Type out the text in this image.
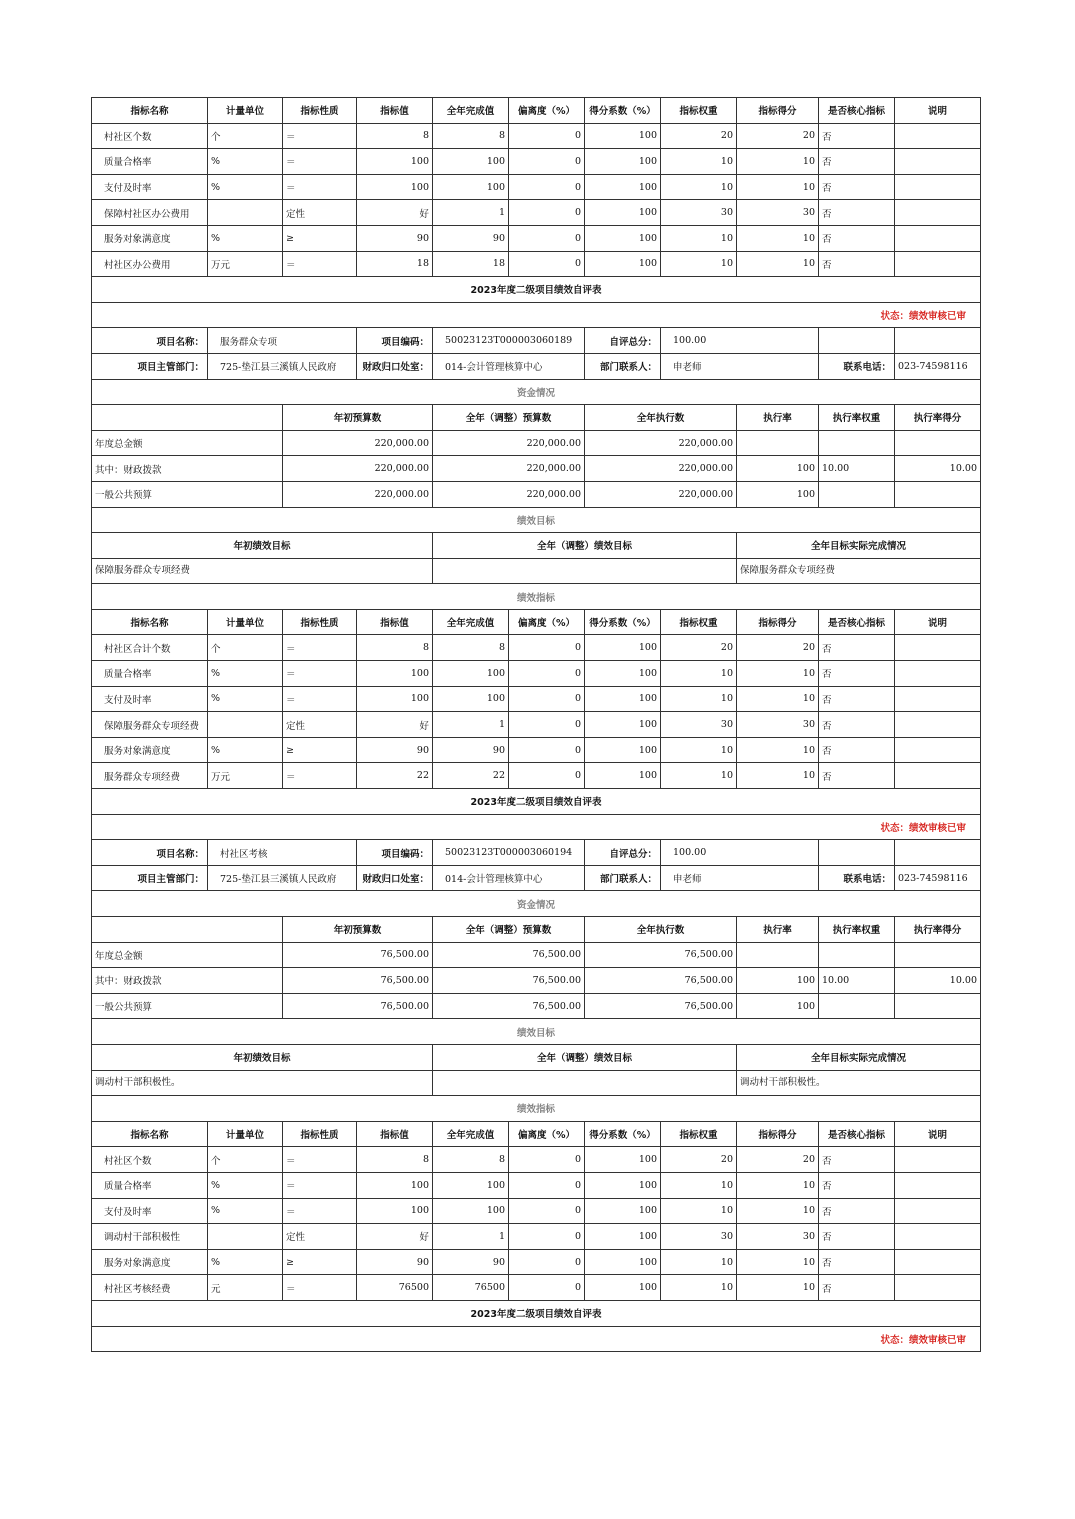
指标名称	计量单位	指标性质	指标值	全年完成值	偏离度（%）	得分系数（%）	指标权重	指标得分	是否核心指标	说明
村社区个数	个	＝	8	8	0	100	20	20	否	
质量合格率	%	＝	100	100	0	100	10	10	否	
支付及时率	%	＝	100	100	0	100	10	10	否	
保障村社区办公费用		定性	好	1	0	100	30	30	否	
服务对象满意度	%	≥	90	90	0	100	10	10	否	
村社区办公费用	万元	＝	18	18	0	100	10	10	否	
2023年度二级项目绩效自评表										
状态：绩效审核已审										
项目名称：	服务群众专项		项目编码：	50023123T000003060189		自评总分：	100.00			
项目主管部门：	725-垫江县三溪镇人民政府		财政归口处室：	014-会计管理核算中心		部门联系人：	申老师		联系电话：	023-74598116
资金情况										
		年初预算数		全年（调整）预算数		全年执行数		执行率	执行率权重	执行率得分
年度总金额		220,000.00		220,000.00		220,000.00				
其中：财政拨款		220,000.00		220,000.00		220,000.00		100	10.00	10.00
一般公共预算		220,000.00		220,000.00		220,000.00		100		
绩效目标										
年初绩效目标				全年（调整）绩效目标				全年目标实际完成情况		
保障服务群众专项经费								保障服务群众专项经费		
绩效指标										
指标名称	计量单位	指标性质	指标值	全年完成值	偏离度（%）	得分系数（%）	指标权重	指标得分	是否核心指标	说明
村社区合计个数	个	＝	8	8	0	100	20	20	否	
质量合格率	%	＝	100	100	0	100	10	10	否	
支付及时率	%	＝	100	100	0	100	10	10	否	
保障服务群众专项经费		定性	好	1	0	100	30	30	否	
服务对象满意度	%	≥	90	90	0	100	10	10	否	
服务群众专项经费	万元	＝	22	22	0	100	10	10	否	
2023年度二级项目绩效自评表										
状态：绩效审核已审										
项目名称：	村社区考核		项目编码：	50023123T000003060194		自评总分：	100.00			
项目主管部门：	725-垫江县三溪镇人民政府		财政归口处室：	014-会计管理核算中心		部门联系人：	申老师		联系电话：	023-74598116
资金情况										
		年初预算数		全年（调整）预算数		全年执行数		执行率	执行率权重	执行率得分
年度总金额		76,500.00		76,500.00		76,500.00				
其中：财政拨款		76,500.00		76,500.00		76,500.00		100	10.00	10.00
一般公共预算		76,500.00		76,500.00		76,500.00		100		
绩效目标										
年初绩效目标				全年（调整）绩效目标				全年目标实际完成情况		
调动村干部积极性。								调动村干部积极性。		
绩效指标										
指标名称	计量单位	指标性质	指标值	全年完成值	偏离度（%）	得分系数（%）	指标权重	指标得分	是否核心指标	说明
村社区个数	个	＝	8	8	0	100	20	20	否	
质量合格率	%	＝	100	100	0	100	10	10	否	
支付及时率	%	＝	100	100	0	100	10	10	否	
调动村干部积极性		定性	好	1	0	100	30	30	否	
服务对象满意度	%	≥	90	90	0	100	10	10	否	
村社区考核经费	元	＝	76500	76500	0	100	10	10	否	
2023年度二级项目绩效自评表										
状态：绩效审核已审										
